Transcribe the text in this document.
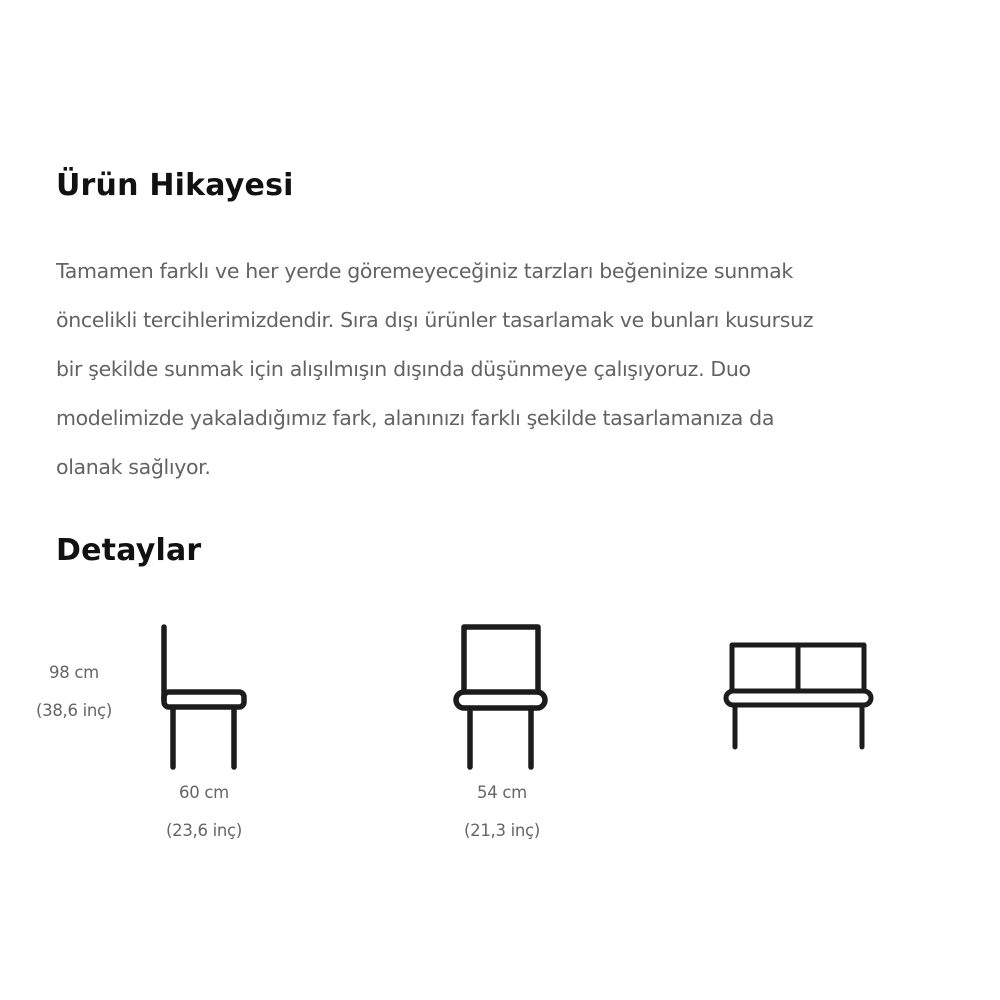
Ürün Hikayesi

Tamamen farklı ve her yerde göremeyeceğiniz tarzları beğeninize sunmak
öncelikli tercihlerimizdendir. Sıra dışı ürünler tasarlamak ve bunları kusursuz
bir şekilde sunmak için alışılmışın dışında düşünmeye çalışıyoruz. Duo
modelimizde yakaladığımız fark, alanınızı farklı şekilde tasarlamanıza da
olanak sağlıyor.

Detaylar
98 cm
(38,6 inç)
60 cm
(23,6 inç)
54 cm
(21,3 inç)
